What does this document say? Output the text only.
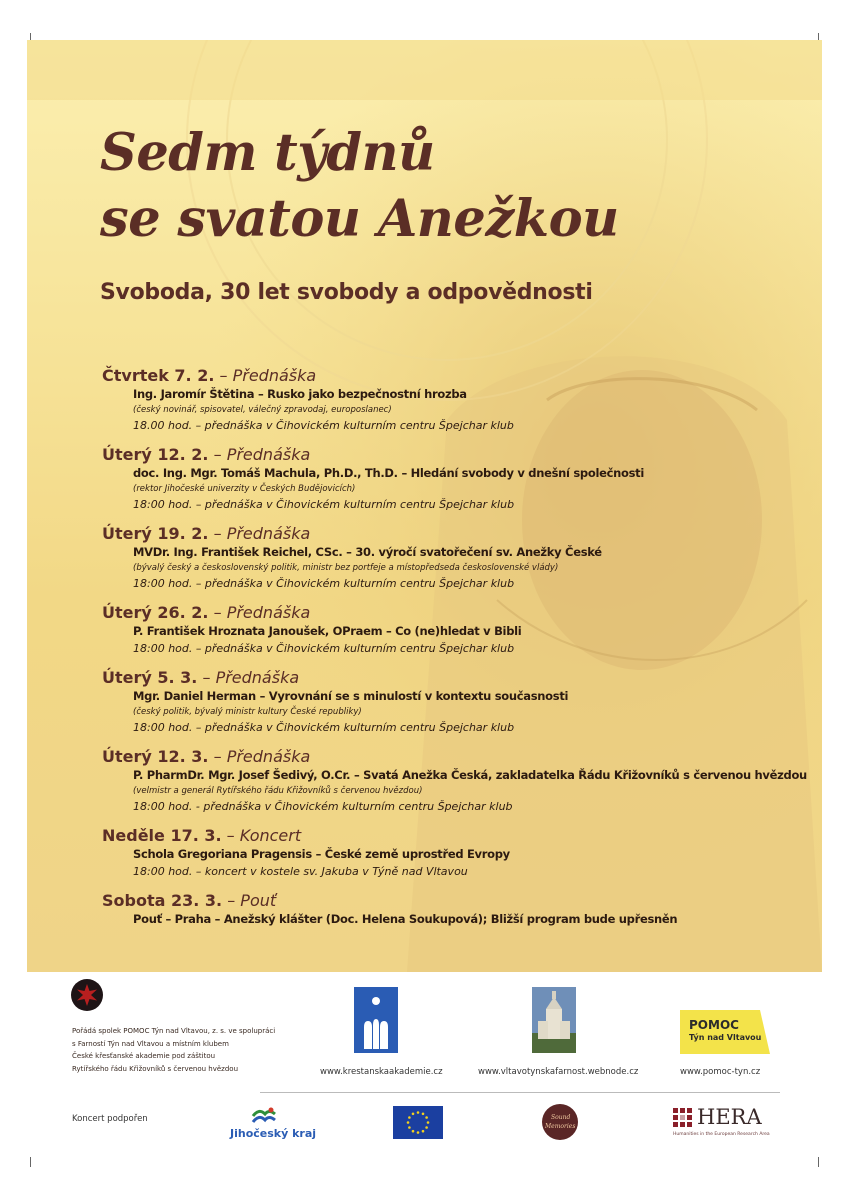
Sedm týdnů
se svatou Anežkou
Svoboda, 30 let svobody a odpovědnosti
Čtvrtek 7. 2. – Přednáška
Ing. Jaromír Štětina – Rusko jako bezpečnostní hrozba
(český novinář, spisovatel, válečný zpravodaj, europoslanec)
18.00 hod. – přednáška v Čihovickém kulturním centru Špejchar klub
Úterý 12. 2. – Přednáška
doc. Ing. Mgr. Tomáš Machula, Ph.D., Th.D. – Hledání svobody v dnešní společnosti
(rektor Jihočeské univerzity v Českých Budějovicích)
18:00 hod. – přednáška v Čihovickém kulturním centru Špejchar klub
Úterý 19. 2. – Přednáška
MVDr. Ing. František Reichel, CSc. – 30. výročí svatořečení sv. Anežky České
(bývalý český a československý politik, ministr bez portfeje a místopředseda československé vlády)
18:00 hod. – přednáška v Čihovickém kulturním centru Špejchar klub
Úterý 26. 2. – Přednáška
P. František Hroznata Janoušek, OPraem – Co (ne)hledat v Bibli
18:00 hod. – přednáška v Čihovickém kulturním centru Špejchar klub
Úterý 5. 3. – Přednáška
Mgr. Daniel Herman – Vyrovnání se s minulostí v kontextu současnosti
(český politik, bývalý ministr kultury České republiky)
18:00 hod. – přednáška v Čihovickém kulturním centru Špejchar klub
Úterý 12. 3. – Přednáška
P. PharmDr. Mgr. Josef Šedivý, O.Cr. – Svatá Anežka Česká, zakladatelka Řádu Křižovníků s červenou hvězdou
(velmistr a generál Rytířského řádu Křižovníků s červenou hvězdou)
18:00 hod. - přednáška v Čihovickém kulturním centru Špejchar klub
Neděle 17. 3. – Koncert
Schola Gregoriana Pragensis – České země uprostřed Evropy
18:00 hod. – koncert v kostele sv. Jakuba v Týně nad Vltavou
Sobota 23. 3. – Pouť
Pouť – Praha – Anežský klášter (Doc. Helena Soukupová); Bližší program bude upřesněn
Pořádá spolek POMOC Týn nad Vltavou, z. s. ve spolupráci
s Farností Týn nad Vltavou a místním klubem
České křesťanské akademie pod záštitou
Rytířského řádu Křižovníků s červenou hvězdou	www.krestanskaakademie.cz	www.vltavotynskafarnost.webnode.cz
POMOC
Týn nad Vltavou
www.pomoc-tyn.cz
Koncert podpořen
Jihočeský kraj
Sound
Memories	HERA
Humanities in the European Research Area
